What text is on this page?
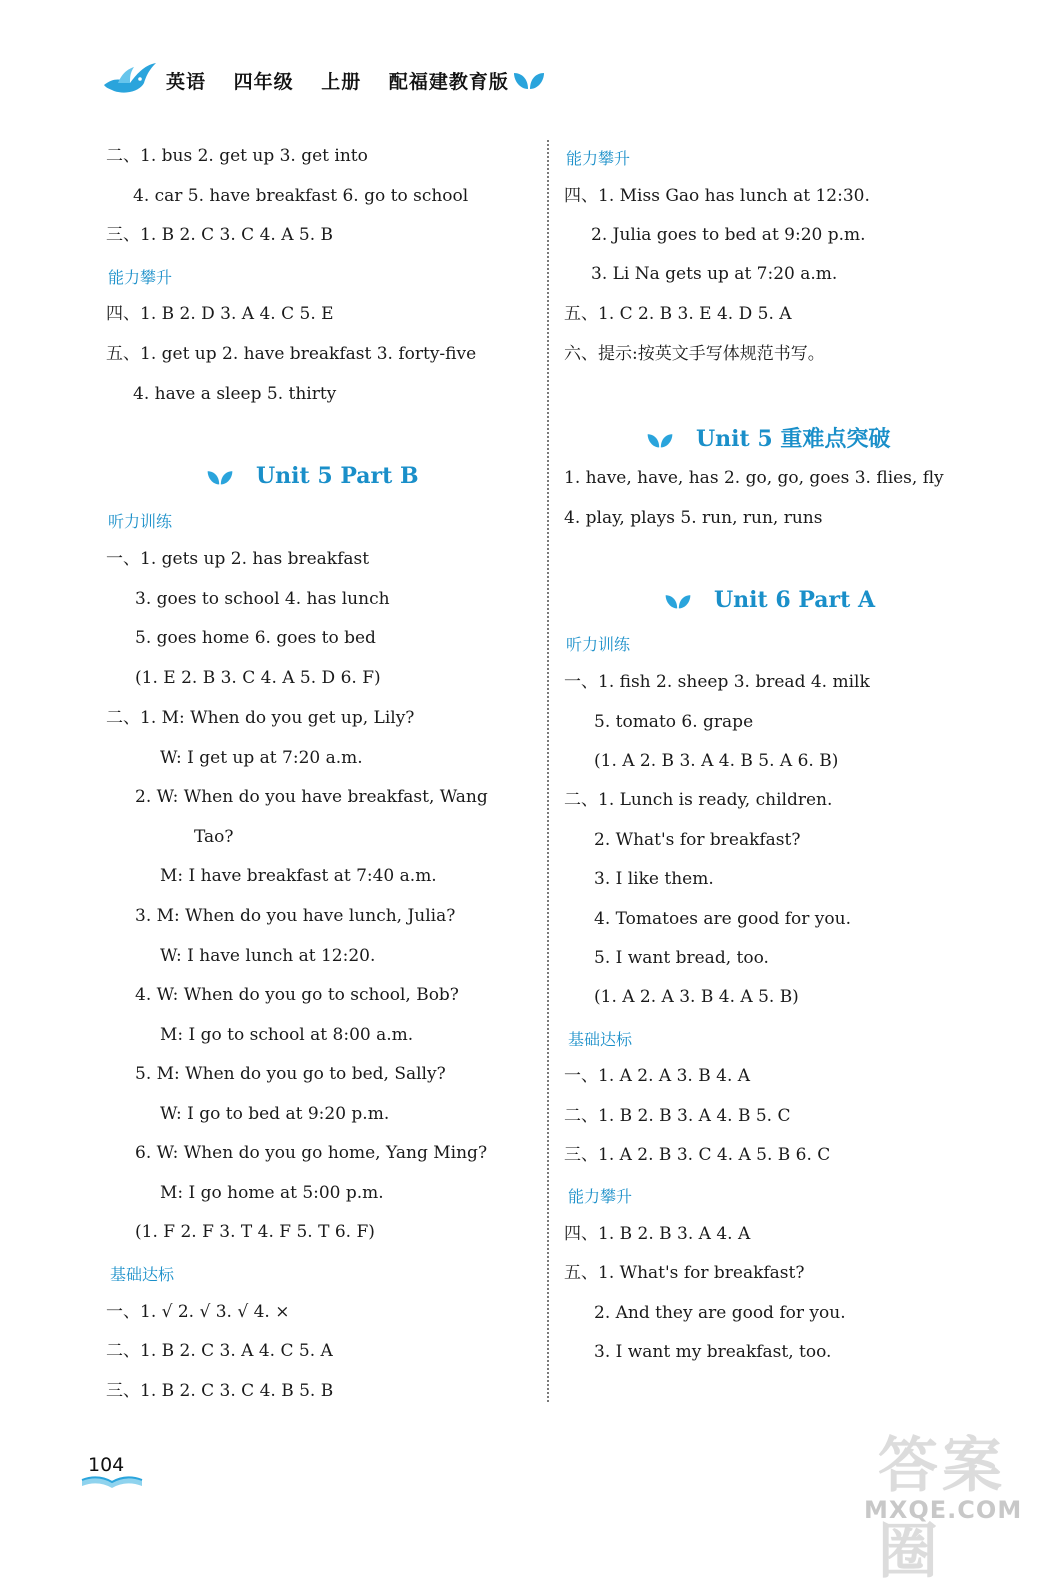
英语 四年级 上册 配福建教育版
二、1. bus 2. get up 3. get into
4. car 5. have breakfast 6. go to school
三、1. B 2. C 3. C 4. A 5. B
能力攀升
四、1. B 2. D 3. A 4. C 5. E
五、1. get up 2. have breakfast 3. forty-five
4. have a sleep 5. thirty
Unit 5 Part B
听力训练
一、1. gets up 2. has breakfast
3. goes to school 4. has lunch
5. goes home 6. goes to bed
(1. E 2. B 3. C 4. A 5. D 6. F)
二、1. M: When do you get up, Lily?
W: I get up at 7:20 a.m.
2. W: When do you have breakfast, Wang
Tao?
M: I have breakfast at 7:40 a.m.
3. M: When do you have lunch, Julia?
W: I have lunch at 12:20.
4. W: When do you go to school, Bob?
M: I go to school at 8:00 a.m.
5. M: When do you go to bed, Sally?
W: I go to bed at 9:20 p.m.
6. W: When do you go home, Yang Ming?
M: I go home at 5:00 p.m.
(1. F 2. F 3. T 4. F 5. T 6. F)
基础达标
一、1. √ 2. √ 3. √ 4. ×
二、1. B 2. C 3. A 4. C 5. A
三、1. B 2. C 3. C 4. B 5. B
能力攀升
四、1. Miss Gao has lunch at 12:30.
2. Julia goes to bed at 9:20 p.m.
3. Li Na gets up at 7:20 a.m.
五、1. C 2. B 3. E 4. D 5. A
六、提示:按英文手写体规范书写。
Unit 5 重难点突破
1. have, have, has 2. go, go, goes 3. flies, fly
4. play, plays 5. run, run, runs
Unit 6 Part A
听力训练
一、1. fish 2. sheep 3. bread 4. milk
5. tomato 6. grape
(1. A 2. B 3. A 4. B 5. A 6. B)
二、1. Lunch is ready, children.
2. What's for breakfast?
3. I like them.
4. Tomatoes are good for you.
5. I want bread, too.
(1. A 2. A 3. B 4. A 5. B)
基础达标
一、1. A 2. A 3. B 4. A
二、1. B 2. B 3. A 4. B 5. C
三、1. A 2. B 3. C 4. A 5. B 6. C
能力攀升
四、1. B 2. B 3. A 4. A
五、1. What's for breakfast?
2. And they are good for you.
3. I want my breakfast, too.
104	答案圈
MXQE.COM
